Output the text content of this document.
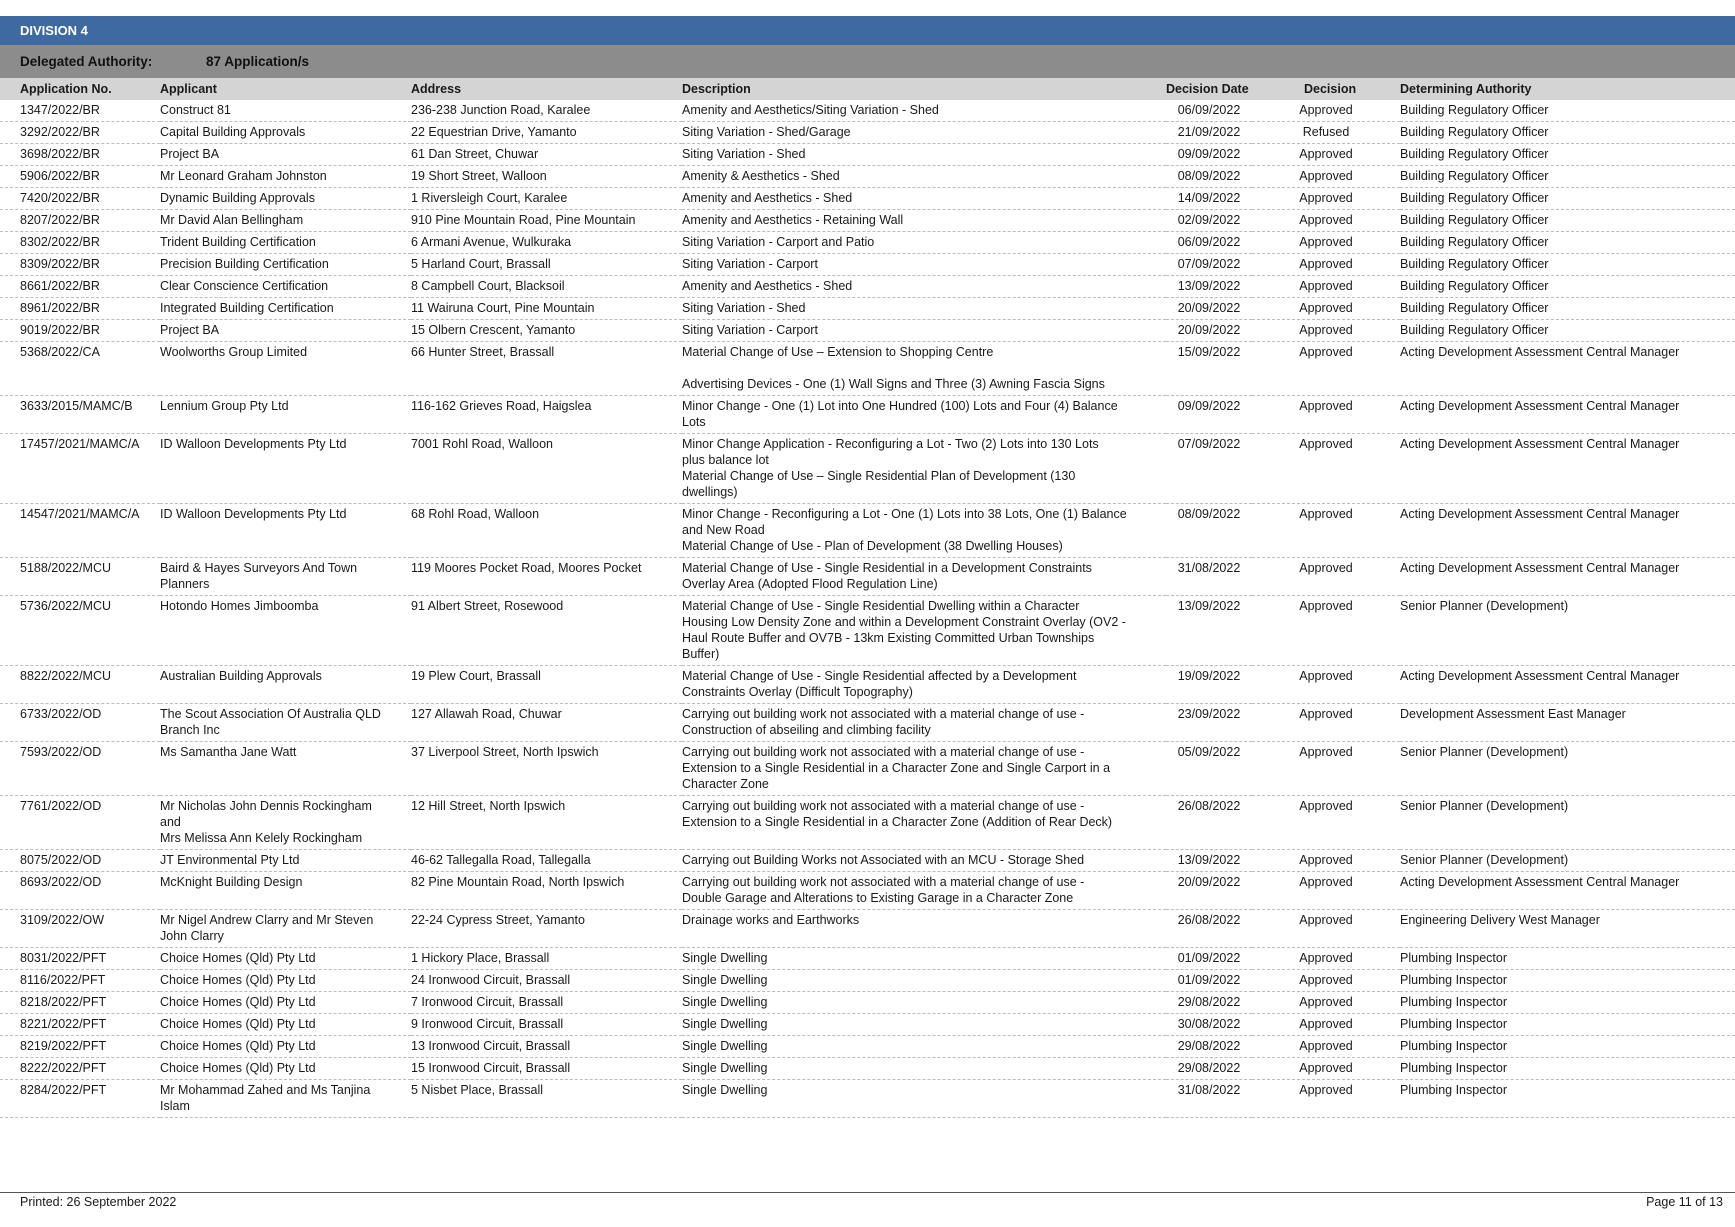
DIVISION 4
Delegated Authority:	87 Application/s
Application No.	Applicant	Address	Description	Decision Date	Decision	Determining Authority
1347/2022/BR	Construct 81	236-238 Junction Road, Karalee	Amenity and Aesthetics/Siting Variation - Shed	06/09/2022	Approved	Building Regulatory Officer
3292/2022/BR	Capital Building Approvals	22 Equestrian Drive, Yamanto	Siting Variation - Shed/Garage	21/09/2022	Refused	Building Regulatory Officer
3698/2022/BR	Project BA	61 Dan Street, Chuwar	Siting Variation - Shed	09/09/2022	Approved	Building Regulatory Officer
5906/2022/BR	Mr Leonard Graham Johnston	19 Short Street, Walloon	Amenity & Aesthetics - Shed	08/09/2022	Approved	Building Regulatory Officer
7420/2022/BR	Dynamic Building Approvals	1 Riversleigh Court, Karalee	Amenity and Aesthetics - Shed	14/09/2022	Approved	Building Regulatory Officer
8207/2022/BR	Mr David Alan Bellingham	910 Pine Mountain Road, Pine Mountain	Amenity and Aesthetics - Retaining Wall	02/09/2022	Approved	Building Regulatory Officer
8302/2022/BR	Trident Building Certification	6 Armani Avenue, Wulkuraka	Siting Variation - Carport and Patio	06/09/2022	Approved	Building Regulatory Officer
8309/2022/BR	Precision Building Certification	5 Harland Court, Brassall	Siting Variation - Carport	07/09/2022	Approved	Building Regulatory Officer
8661/2022/BR	Clear Conscience Certification	8 Campbell Court, Blacksoil	Amenity and Aesthetics - Shed	13/09/2022	Approved	Building Regulatory Officer
8961/2022/BR	Integrated Building Certification	11 Wairuna Court, Pine Mountain	Siting Variation - Shed	20/09/2022	Approved	Building Regulatory Officer
9019/2022/BR	Project BA	15 Olbern Crescent, Yamanto	Siting Variation - Carport	20/09/2022	Approved	Building Regulatory Officer
5368/2022/CA	Woolworths Group Limited	66 Hunter Street, Brassall	Material Change of Use – Extension to Shopping Centre
Advertising Devices - One (1) Wall Signs and Three (3) Awning Fascia Signs	15/09/2022	Approved	Acting Development Assessment Central Manager
3633/2015/MAMC/B	Lennium Group Pty Ltd	116-162 Grieves Road, Haigslea	Minor Change - One (1) Lot into One Hundred (100) Lots and Four (4) Balance
Lots	09/09/2022	Approved	Acting Development Assessment Central Manager
17457/2021/MAMC/A	ID Walloon Developments Pty Ltd	7001 Rohl Road, Walloon	Minor Change Application - Reconfiguring a Lot - Two (2) Lots into 130 Lots
plus balance lot
Material Change of Use – Single Residential Plan of Development (130
dwellings)	07/09/2022	Approved	Acting Development Assessment Central Manager
14547/2021/MAMC/A	ID Walloon Developments Pty Ltd	68 Rohl Road, Walloon	Minor Change - Reconfiguring a Lot - One (1) Lots into 38 Lots, One (1) Balance
and New Road
Material Change of Use - Plan of Development (38 Dwelling Houses)	08/09/2022	Approved	Acting Development Assessment Central Manager
5188/2022/MCU	Baird & Hayes Surveyors And Town
Planners	119 Moores Pocket Road, Moores Pocket	Material Change of Use - Single Residential in a Development Constraints
Overlay Area (Adopted Flood Regulation Line)	31/08/2022	Approved	Acting Development Assessment Central Manager
5736/2022/MCU	Hotondo Homes Jimboomba	91 Albert Street, Rosewood	Material Change of Use - Single Residential Dwelling within a Character
Housing Low Density Zone and within a Development Constraint Overlay (OV2 -
Haul Route Buffer and OV7B - 13km Existing Committed Urban Townships
Buffer)	13/09/2022	Approved	Senior Planner (Development)
8822/2022/MCU	Australian Building Approvals	19 Plew Court, Brassall	Material Change of Use - Single Residential affected by a Development
Constraints Overlay (Difficult Topography)	19/09/2022	Approved	Acting Development Assessment Central Manager
6733/2022/OD	The Scout Association Of Australia QLD
Branch Inc	127 Allawah Road, Chuwar	Carrying out building work not associated with a material change of use -
Construction of abseiling and climbing facility	23/09/2022	Approved	Development Assessment East Manager
7593/2022/OD	Ms Samantha Jane Watt	37 Liverpool Street, North Ipswich	Carrying out building work not associated with a material change of use -
Extension to a Single Residential in a Character Zone and Single Carport in a
Character Zone	05/09/2022	Approved	Senior Planner (Development)
7761/2022/OD	Mr Nicholas John Dennis Rockingham
and
Mrs Melissa Ann Kelely Rockingham	12 Hill Street, North Ipswich	Carrying out building work not associated with a material change of use -
Extension to a Single Residential in a Character Zone (Addition of Rear Deck)	26/08/2022	Approved	Senior Planner (Development)
8075/2022/OD	JT Environmental Pty Ltd	46-62 Tallegalla Road, Tallegalla	Carrying out Building Works not Associated with an MCU - Storage Shed	13/09/2022	Approved	Senior Planner (Development)
8693/2022/OD	McKnight Building Design	82 Pine Mountain Road, North Ipswich	Carrying out building work not associated with a material change of use -
Double Garage and Alterations to Existing Garage in a Character Zone	20/09/2022	Approved	Acting Development Assessment Central Manager
3109/2022/OW	Mr Nigel Andrew Clarry and Mr Steven
John Clarry	22-24 Cypress Street, Yamanto	Drainage works and Earthworks	26/08/2022	Approved	Engineering Delivery West Manager
8031/2022/PFT	Choice Homes (Qld) Pty Ltd	1 Hickory Place, Brassall	Single Dwelling	01/09/2022	Approved	Plumbing Inspector
8116/2022/PFT	Choice Homes (Qld) Pty Ltd	24 Ironwood Circuit, Brassall	Single Dwelling	01/09/2022	Approved	Plumbing Inspector
8218/2022/PFT	Choice Homes (Qld) Pty Ltd	7 Ironwood Circuit, Brassall	Single Dwelling	29/08/2022	Approved	Plumbing Inspector
8221/2022/PFT	Choice Homes (Qld) Pty Ltd	9 Ironwood Circuit, Brassall	Single Dwelling	30/08/2022	Approved	Plumbing Inspector
8219/2022/PFT	Choice Homes (Qld) Pty Ltd	13 Ironwood Circuit, Brassall	Single Dwelling	29/08/2022	Approved	Plumbing Inspector
8222/2022/PFT	Choice Homes (Qld) Pty Ltd	15 Ironwood Circuit, Brassall	Single Dwelling	29/08/2022	Approved	Plumbing Inspector
8284/2022/PFT	Mr Mohammad Zahed and Ms Tanjina
Islam	5 Nisbet Place, Brassall	Single Dwelling	31/08/2022	Approved	Plumbing Inspector
Printed: 26 September 2022	Page 11 of 13
